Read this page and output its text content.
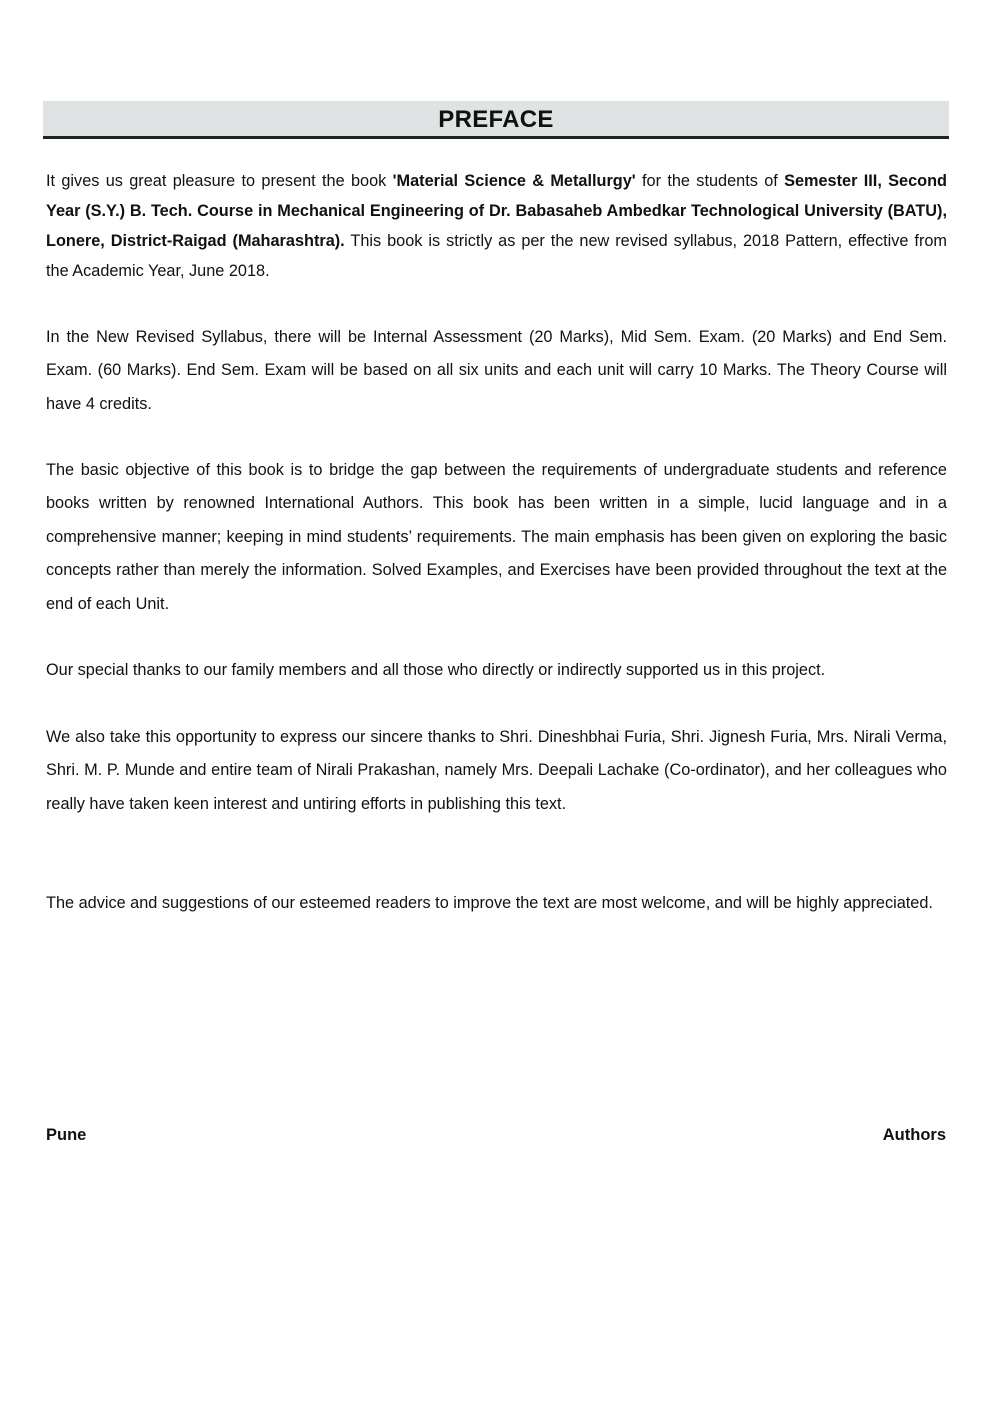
PREFACE

It gives us great pleasure to present the book 'Material Science & Metallurgy' for the students of Semester III, Second Year (S.Y.) B. Tech. Course in Mechanical Engineering of Dr. Babasaheb Ambedkar Technological University (BATU), Lonere, District-Raigad (Maharashtra). This book is strictly as per the new revised syllabus, 2018 Pattern, effective from the Academic Year, June 2018.

In the New Revised Syllabus, there will be Internal Assessment (20 Marks), Mid Sem. Exam. (20 Marks) and End Sem. Exam. (60 Marks). End Sem. Exam will be based on all six units and each unit will carry 10 Marks. The Theory Course will have 4 credits.

The basic objective of this book is to bridge the gap between the requirements of undergraduate students and reference books written by renowned International Authors. This book has been written in a simple, lucid language and in a comprehensive manner; keeping in mind students’ requirements. The main emphasis has been given on exploring the basic concepts rather than merely the information. Solved Examples, and Exercises have been provided throughout the text at the end of each Unit.

Our special thanks to our family members and all those who directly or indirectly supported us in this project.

We also take this opportunity to express our sincere thanks to Shri. Dineshbhai Furia, Shri. Jignesh Furia, Mrs. Nirali Verma, Shri. M. P. Munde and entire team of Nirali Prakashan, namely Mrs. Deepali Lachake (Co-ordinator), and her colleagues who really have taken keen interest and untiring efforts in publishing this text.

The advice and suggestions of our esteemed readers to improve the text are most welcome, and will be highly appreciated.

Pune	Authors
